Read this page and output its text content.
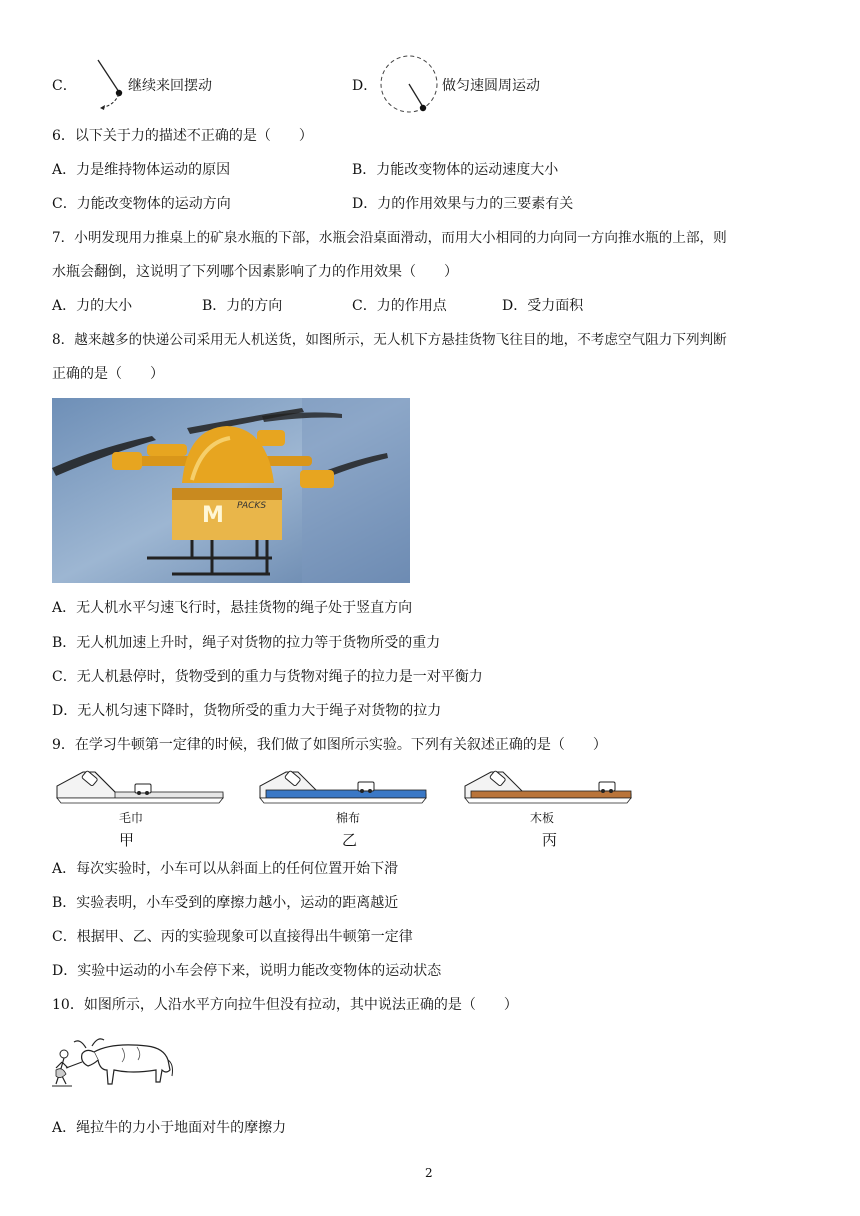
C．	继续来回摆动	D．	做匀速圆周运动
6．以下关于力的描述不正确的是（　　）
A．力是维持物体运动的原因	B．力能改变物体的运动速度大小
C．力能改变物体的运动方向	D．力的作用效果与力的三要素有关
7．小明发现用力推桌上的矿泉水瓶的下部，水瓶会沿桌面滑动，而用大小相同的力向同一方向推水瓶的上部，则
水瓶会翻倒，这说明了下列哪个因素影响了力的作用效果（　　）
A．力的大小	B．力的方向	C．力的作用点	D．受力面积
8．越来越多的快递公司采用无人机送货，如图所示，无人机下方悬挂货物飞往目的地，不考虑空气阻力下列判断
正确的是（　　）
M PACKS
A．无人机水平匀速飞行时，悬挂货物的绳子处于竖直方向
B．无人机加速上升时，绳子对货物的拉力等于货物所受的重力
C．无人机悬停时，货物受到的重力与货物对绳子的拉力是一对平衡力
D．无人机匀速下降时，货物所受的重力大于绳子对货物的拉力
9．在学习牛顿第一定律的时候，我们做了如图所示实验。下列有关叙述正确的是（　　）
毛巾
甲
棉布
乙
木板
丙
A．每次实验时，小车可以从斜面上的任何位置开始下滑
B．实验表明，小车受到的摩擦力越小，运动的距离越近
C．根据甲、乙、丙的实验现象可以直接得出牛顿第一定律
D．实验中运动的小车会停下来，说明力能改变物体的运动状态
10．如图所示，人沿水平方向拉牛但没有拉动，其中说法正确的是（　　）
A．绳拉牛的力小于地面对牛的摩擦力
2
